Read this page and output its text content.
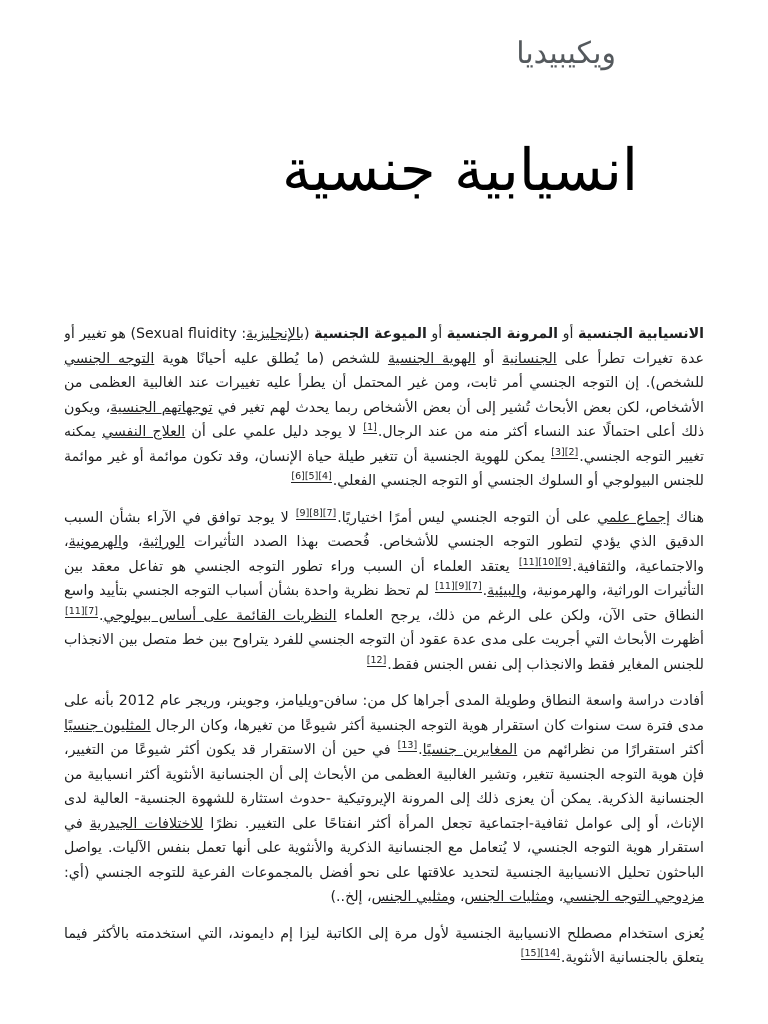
ويكيبيديا
انسيابية جنسية

الانسيابية الجنسية أو المرونة الجنسية أو الميوعة الجنسية (بالإنجليزية: Sexual fluidity) هو تغيير أو عدة تغيرات تطرأ على الجنسانية أو الهوية الجنسية للشخص (ما يُطلق عليه أحيانًا هوية التوجه الجنسي للشخص). إن التوجه الجنسي أمر ثابت، ومن غير المحتمل أن يطرأ عليه تغييرات عند الغالبية العظمى من الأشخاص، لكن بعض الأبحاث تُشير إلى أن بعض الأشخاص ربما يحدث لهم تغير في توجهاتهم الجنسية، ويكون ذلك أعلى احتمالًا عند النساء أكثر منه من عند الرجال.[1] لا يوجد دليل علمي على أن العلاج النفسي يمكنه تغيير التوجه الجنسي.[2][3] يمكن للهوية الجنسية أن تتغير طيلة حياة الإنسان، وقد تكون موائمة أو غير موائمة للجنس البيولوجي أو السلوك الجنسي أو التوجه الجنسي الفعلي.[4][5][6]

هناك إجماع علمي على أن التوجه الجنسي ليس أمرًا اختياريًا.[7][8][9] لا يوجد توافق في الآراء بشأن السبب الدقيق الذي يؤدي لتطور التوجه الجنسي للأشخاص. فُحصت بهذا الصدد التأثيرات الوراثية، والهرمونية، والاجتماعية، والثقافية.[9][10][11] يعتقد العلماء أن السبب وراء تطور التوجه الجنسي هو تفاعل معقد بين التأثيرات الوراثية، والهرمونية، والبيئية.[7][9][11] لم تحظ نظرية واحدة بشأن أسباب التوجه الجنسي بتأييد واسع النطاق حتى الآن، ولكن على الرغم من ذلك، يرجح العلماء النظريات القائمة على أساس بيولوجي.[7][11] أظهرت الأبحاث التي أجريت على مدى عدة عقود أن التوجه الجنسي للفرد يتراوح بين خط متصل بين الانجذاب للجنس المغاير فقط والانجذاب إلى نفس الجنس فقط.[12]

أفادت دراسة واسعة النطاق وطويلة المدى أجراها كل من: سافن-ويليامز، وجوينر، وريجر عام 2012 بأنه على مدى فترة ست سنوات كان استقرار هوية التوجه الجنسية أكثر شيوعًا من تغيرها، وكان الرجال المثليون جنسيًا أكثر استقرارًا من نظرائهم من المغايرين جنسيًا.[13] في حين أن الاستقرار قد يكون أكثر شيوعًا من التغيير، فإن هوية التوجه الجنسية تتغير، وتشير الغالبية العظمى من الأبحاث إلى أن الجنسانية الأنثوية أكثر انسيابية من الجنسانية الذكرية. يمكن أن يعزى ذلك إلى المرونة الإيروتيكية -حدوث استثارة للشهوة الجنسية- العالية لدى الإناث، أو إلى عوامل ثقافية-اجتماعية تجعل المرأة أكثر انفتاحًا على التغيير. نظرًا للاختلافات الجيدرية في استقرار هوية التوجه الجنسي، لا يُتعامل مع الجنسانية الذكرية والأنثوية على أنها تعمل بنفس الآليات. يواصل الباحثون تحليل الانسيابية الجنسية لتحديد علاقتها على نحو أفضل بالمجموعات الفرعية للتوجه الجنسي (أي: مزدوجي التوجه الجنسي، ومثليات الجنس، ومثليي الجنس، إلخ..)

يُعزى استخدام مصطلح الانسيابية الجنسية لأول مرة إلى الكاتبة ليزا إم دايموند، التي استخدمته بالأكثر فيما يتعلق بالجنسانية الأنثوية.[14][15]
